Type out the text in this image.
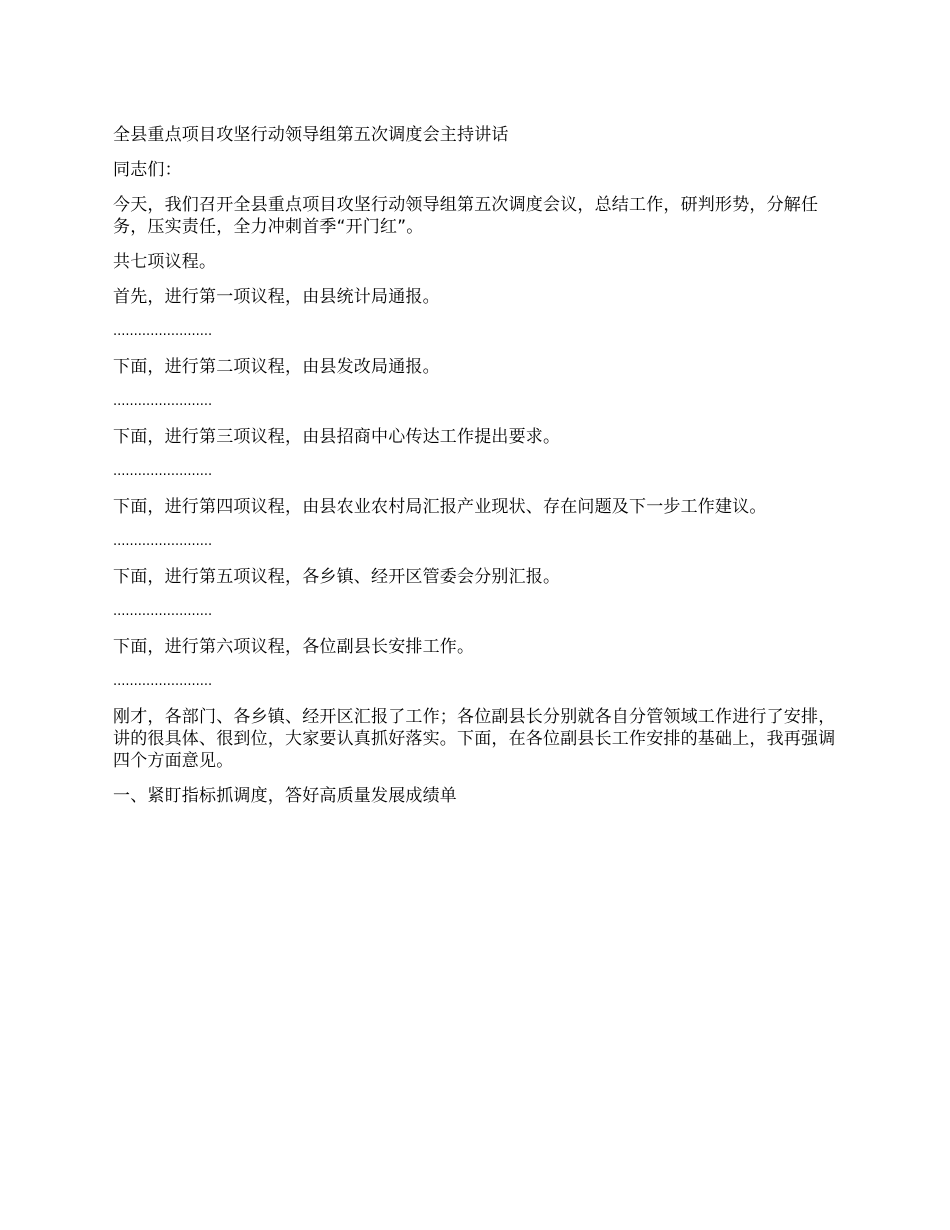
全县重点项目攻坚行动领导组第五次调度会主持讲话

同志们：

今天，我们召开全县重点项目攻坚行动领导组第五次调度会议，总结工作，研判形势，分解任务，压实责任，全力冲刺首季“开门红”。

共七项议程。

首先，进行第一项议程，由县统计局通报。

........................

下面，进行第二项议程，由县发改局通报。

........................

下面，进行第三项议程，由县招商中心传达工作提出要求。

........................

下面，进行第四项议程，由县农业农村局汇报产业现状、存在问题及下一步工作建议。

........................

下面，进行第五项议程，各乡镇、经开区管委会分别汇报。

........................

下面，进行第六项议程，各位副县长安排工作。

........................

刚才，各部门、各乡镇、经开区汇报了工作；各位副县长分别就各自分管领域工作进行了安排，讲的很具体、很到位，大家要认真抓好落实。下面，在各位副县长工作安排的基础上，我再强调四个方面意见。

一、紧盯指标抓调度，答好高质量发展成绩单
